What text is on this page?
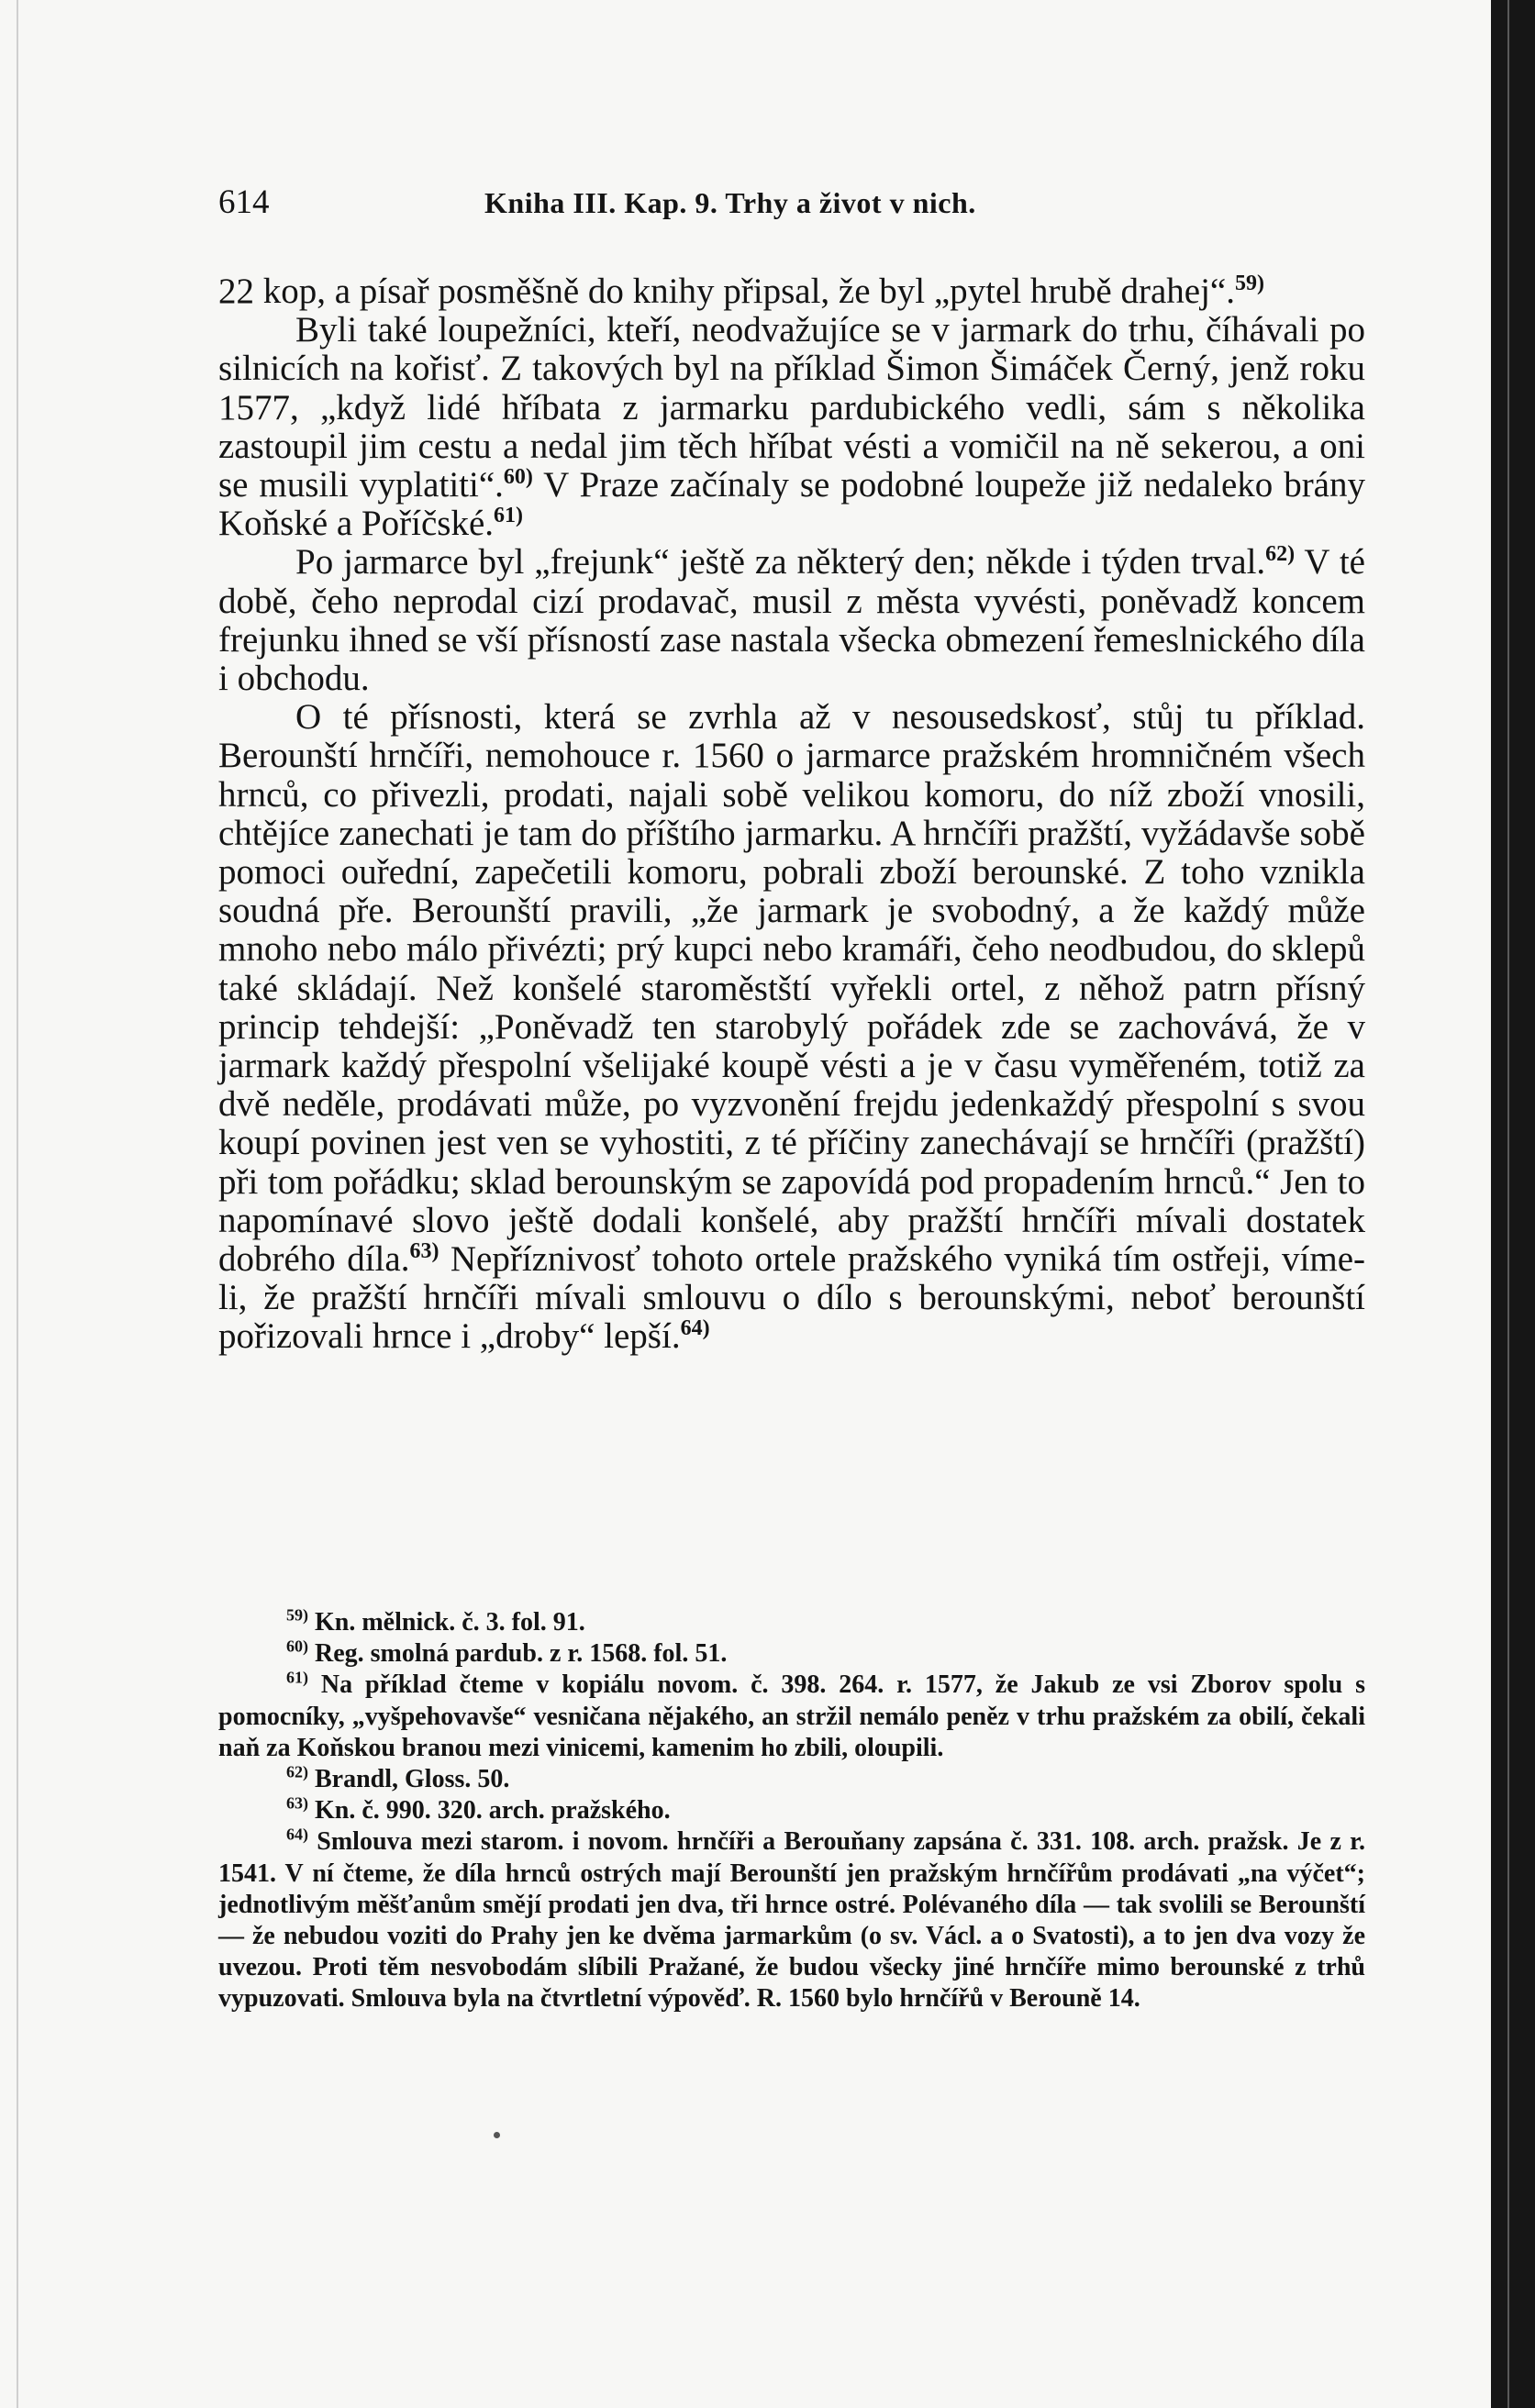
614	Kniha III. Kap. 9. Trhy a život v nich.

22 kop, a písař posměšně do knihy připsal, že byl „pytel hrubě drahej“.$^{59)}$

Byli také loupežníci, kteří, neodvažujíce se v jarmark do trhu, číhávali po silnicích na kořisť. Z takových byl na příklad Šimon Šimáček Černý, jenž roku 1577, „když lidé hříbata z jarmarku pardubického vedli, sám s několika zastoupil jim cestu a nedal jim těch hříbat vésti a vomičil na ně sekerou, a oni se musili vyplatiti“.$^{60)}$ V Praze začínaly se podobné loupeže již nedaleko brány Koňské a Poříčské.$^{61)}$

Po jarmarce byl „frejunk“ ještě za některý den; někde i týden trval.$^{62)}$ V té době, čeho neprodal cizí prodavač, musil z města vyvésti, poněvadž koncem frejunku ihned se vší přísností zase nastala všecka obmezení řemeslnického díla i obchodu.

O té přísnosti, která se zvrhla až v nesousedskosť, stůj tu příklad. Berounští hrnčíři, nemohouce r. 1560 o jarmarce pražském hromničném všech hrnců, co přivezli, prodati, najali sobě velikou komoru, do níž zboží vnosili, chtějíce zanechati je tam do příštího jarmarku. A hrnčíři pražští, vyžádavše sobě pomoci ouřední, zapečetili komoru, pobrali zboží berounské. Z toho vznikla soudná pře. Berounští pravili, „že jarmark je svobodný, a že každý může mnoho nebo málo přivézti; prý kupci nebo kramáři, čeho neodbudou, do sklepů také skládají. Než konšelé staroměstští vyřekli ortel, z něhož patrn přísný princip tehdejší: „Poněvadž ten starobylý pořádek zde se zachovává, že v jarmark každý přespolní všelijaké koupě vésti a je v času vyměřeném, totiž za dvě neděle, prodávati může, po vyzvonění frejdu jedenkaždý přespolní s svou koupí povinen jest ven se vyhostiti, z té příčiny zanechávají se hrnčíři (pražští) při tom pořádku; sklad berounským se zapovídá pod propadením hrnců.“ Jen to napomínavé slovo ještě dodali konšelé, aby pražští hrnčíři mívali dostatek dobrého díla.$^{63)}$ Nepříznivosť tohoto ortele pražského vyniká tím ostřeji, víme-li, že pražští hrnčíři mívali smlouvu o dílo s berounskými, neboť berounští pořizovali hrnce i „droby“ lepší.$^{64)}$

$^{59)}$ Kn. mělnick. č. 3. fol. 91.

$^{60)}$ Reg. smolná pardub. z r. 1568. fol. 51.

$^{61)}$ Na příklad čteme v kopiálu novom. č. 398. 264. r. 1577, že Jakub ze vsi Zborov spolu s pomocníky, „vyšpehovavše“ vesničana nějakého, an stržil nemálo peněz v trhu pražském za obilí, čekali naň za Koňskou branou mezi vinicemi, kamenim ho zbili, oloupili.

$^{62)}$ Brandl, Gloss. 50.

$^{63)}$ Kn. č. 990. 320. arch. pražského.

$^{64)}$ Smlouva mezi starom. i novom. hrnčíři a Berouňany zapsána č. 331. 108. arch. pražsk. Je z r. 1541. V ní čteme, že díla hrnců ostrých mají Berounští jen pražským hrnčířům prodávati „na výčet“; jednotlivým měšťanům smějí prodati jen dva, tři hrnce ostré. Polévaného díla — tak svolili se Berounští — že nebudou voziti do Prahy jen ke dvěma jarmarkům (o sv. Václ. a o Svatosti), a to jen dva vozy že uvezou. Proti těm nesvobodám slíbili Pražané, že budou všecky jiné hrnčíře mimo berounské z trhů vypuzovati. Smlouva byla na čtvrtletní výpověď. R. 1560 bylo hrnčířů v Berouně 14.
